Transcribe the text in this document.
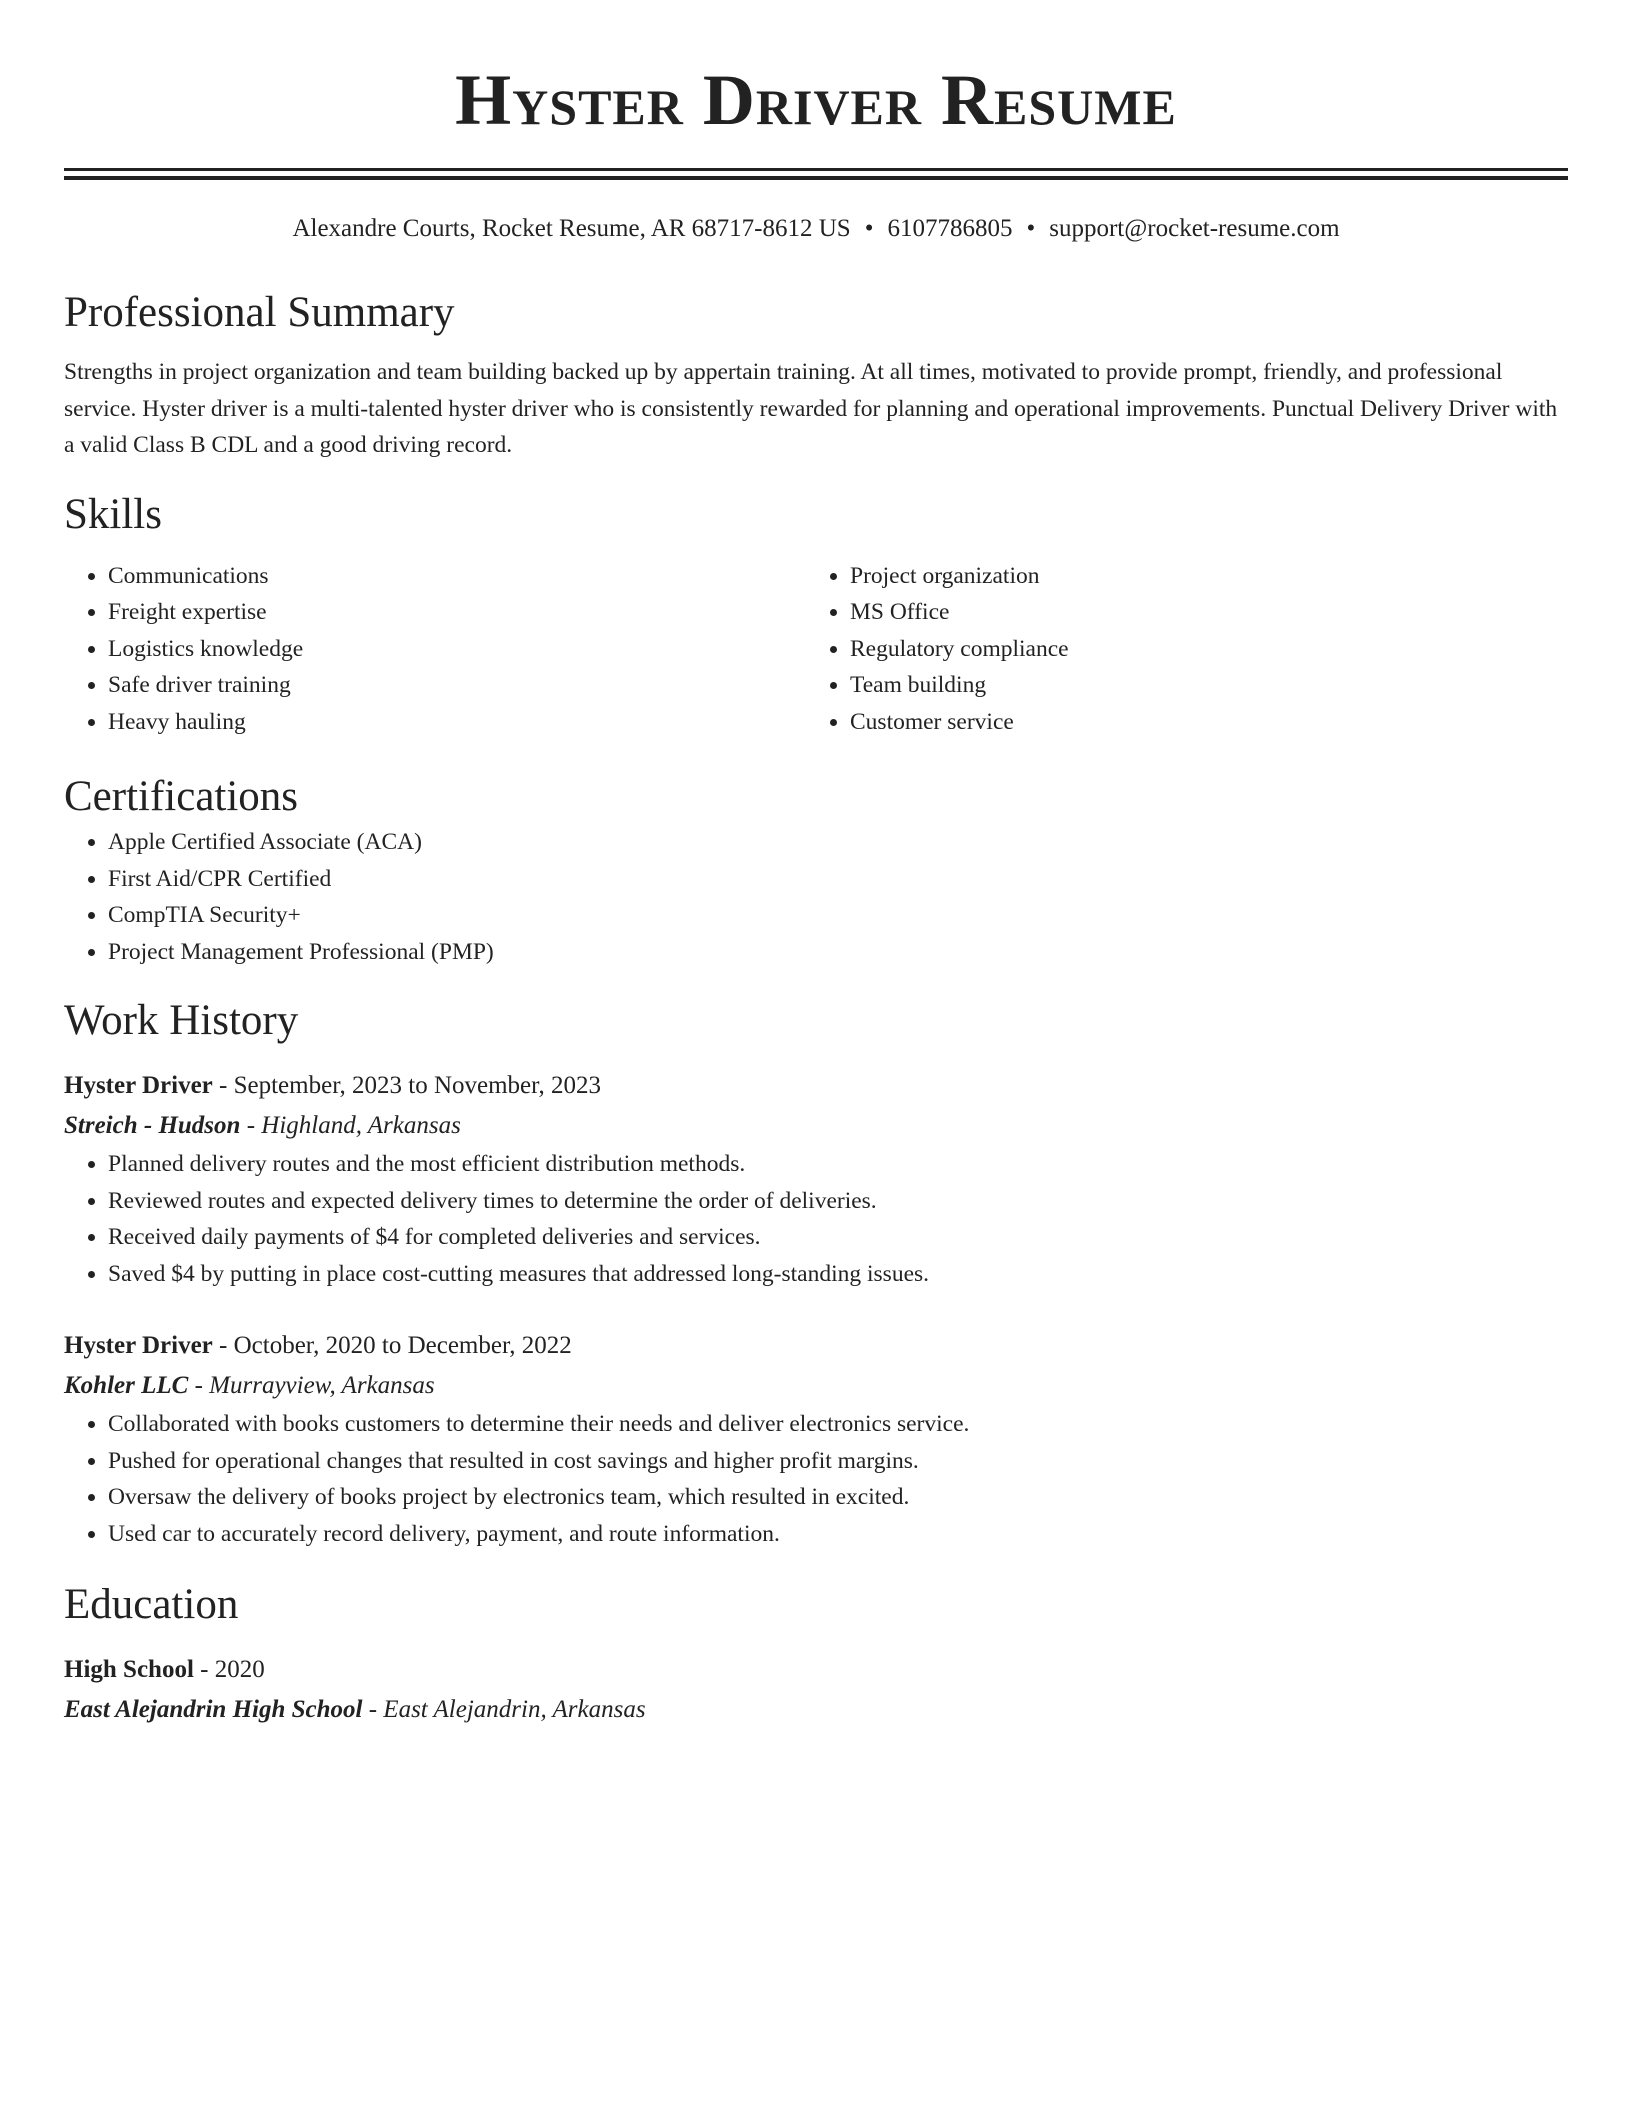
Hyster Driver Resume
Alexandre Courts, Rocket Resume, AR 68717-8612 US • 6107786805 • support@rocket-resume.com
Professional Summary

Strengths in project organization and team building backed up by appertain training. At all times, motivated to provide prompt, friendly, and professional service. Hyster driver is a multi-talented hyster driver who is consistently rewarded for planning and operational improvements. Punctual Delivery Driver with a valid Class B CDL and a good driving record.

Skills
• Communications
• Freight expertise
• Logistics knowledge
• Safe driver training
• Heavy hauling
• Project organization
• MS Office
• Regulatory compliance
• Team building
• Customer service
Certifications
• Apple Certified Associate (ACA)
• First Aid/CPR Certified
• CompTIA Security+
• Project Management Professional (PMP)
Work History
Hyster Driver - September, 2023 to November, 2023
Streich - Hudson - Highland, Arkansas
• Planned delivery routes and the most efficient distribution methods.
• Reviewed routes and expected delivery times to determine the order of deliveries.
• Received daily payments of $4 for completed deliveries and services.
• Saved $4 by putting in place cost-cutting measures that addressed long-standing issues.
Hyster Driver - October, 2020 to December, 2022
Kohler LLC - Murrayview, Arkansas
• Collaborated with books customers to determine their needs and deliver electronics service.
• Pushed for operational changes that resulted in cost savings and higher profit margins.
• Oversaw the delivery of books project by electronics team, which resulted in excited.
• Used car to accurately record delivery, payment, and route information.
Education
High School - 2020
East Alejandrin High School - East Alejandrin, Arkansas
